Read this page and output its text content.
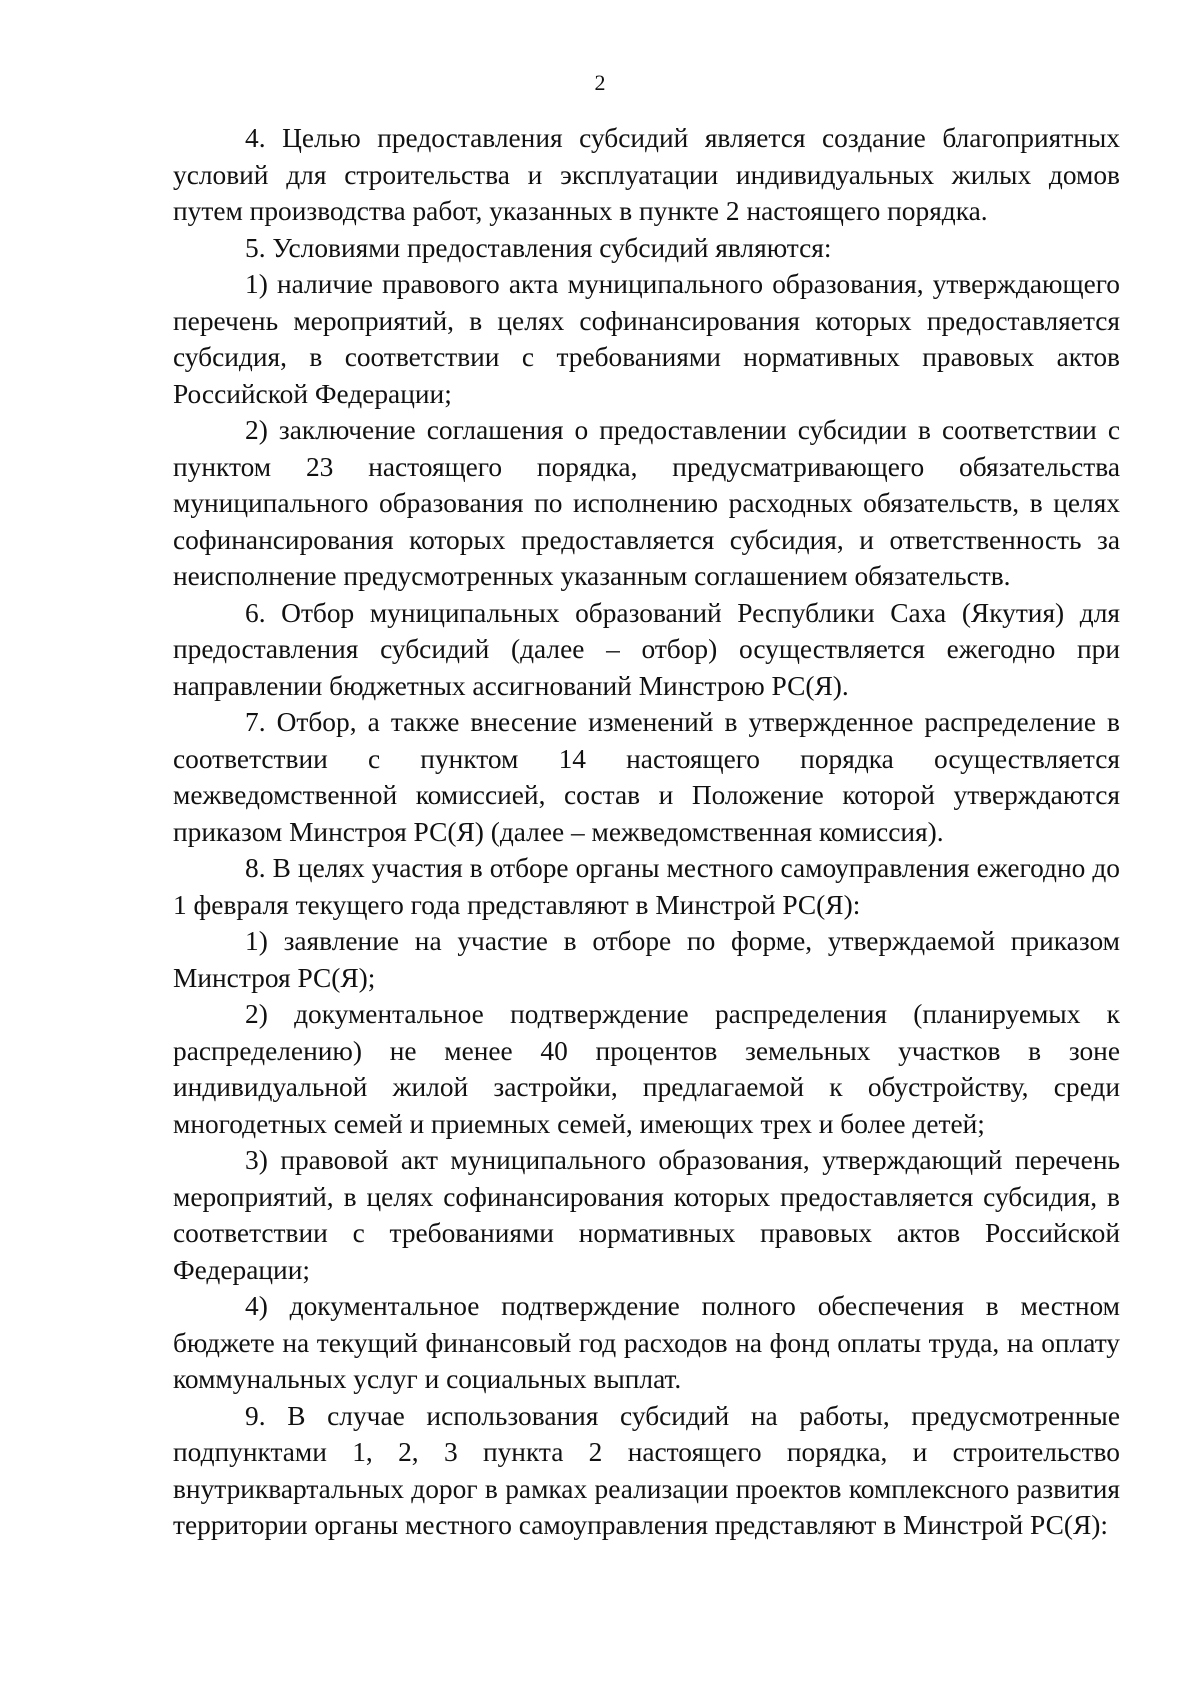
2

4. Целью предоставления субсидий является создание благоприятных условий для строительства и эксплуатации индивидуальных жилых домов путем производства работ, указанных в пункте 2 настоящего порядка.

5. Условиями предоставления субсидий являются:

1) наличие правового акта муниципального образования, утверждающего перечень мероприятий, в целях софинансирования которых предоставляется субсидия, в соответствии с требованиями нормативных правовых актов Российской Федерации;

2) заключение соглашения о предоставлении субсидии в соответствии с пунктом 23 настоящего порядка, предусматривающего обязательства муниципального образования по исполнению расходных обязательств, в целях софинансирования которых предоставляется субсидия, и ответственность за неисполнение предусмотренных указанным соглашением обязательств.

6. Отбор муниципальных образований Республики Саха (Якутия) для предоставления субсидий (далее – отбор) осуществляется ежегодно при направлении бюджетных ассигнований Минстрою РС(Я).

7. Отбор, а также внесение изменений в утвержденное распределение в соответствии с пунктом 14 настоящего порядка осуществляется межведомственной комиссией, состав и Положение которой утверждаются приказом Минстроя РС(Я) (далее – межведомственная комиссия).

8. В целях участия в отборе органы местного самоуправления ежегодно до 1 февраля текущего года представляют в Минстрой РС(Я):

1) заявление на участие в отборе по форме, утверждаемой приказом Минстроя РС(Я);

2) документальное подтверждение распределения (планируемых к распределению) не менее 40 процентов земельных участков в зоне индивидуальной жилой застройки, предлагаемой к обустройству, среди многодетных семей и приемных семей, имеющих трех и более детей;

3) правовой акт муниципального образования, утверждающий перечень мероприятий, в целях софинансирования которых предоставляется субсидия, в соответствии с требованиями нормативных правовых актов Российской Федерации;

4) документальное подтверждение полного обеспечения в местном бюджете на текущий финансовый год расходов на фонд оплаты труда, на оплату коммунальных услуг и социальных выплат.

9. В случае использования субсидий на работы, предусмотренные подпунктами 1, 2, 3 пункта 2 настоящего порядка, и строительство внутриквартальных дорог в рамках реализации проектов комплексного развития территории органы местного самоуправления представляют в Минстрой РС(Я):
